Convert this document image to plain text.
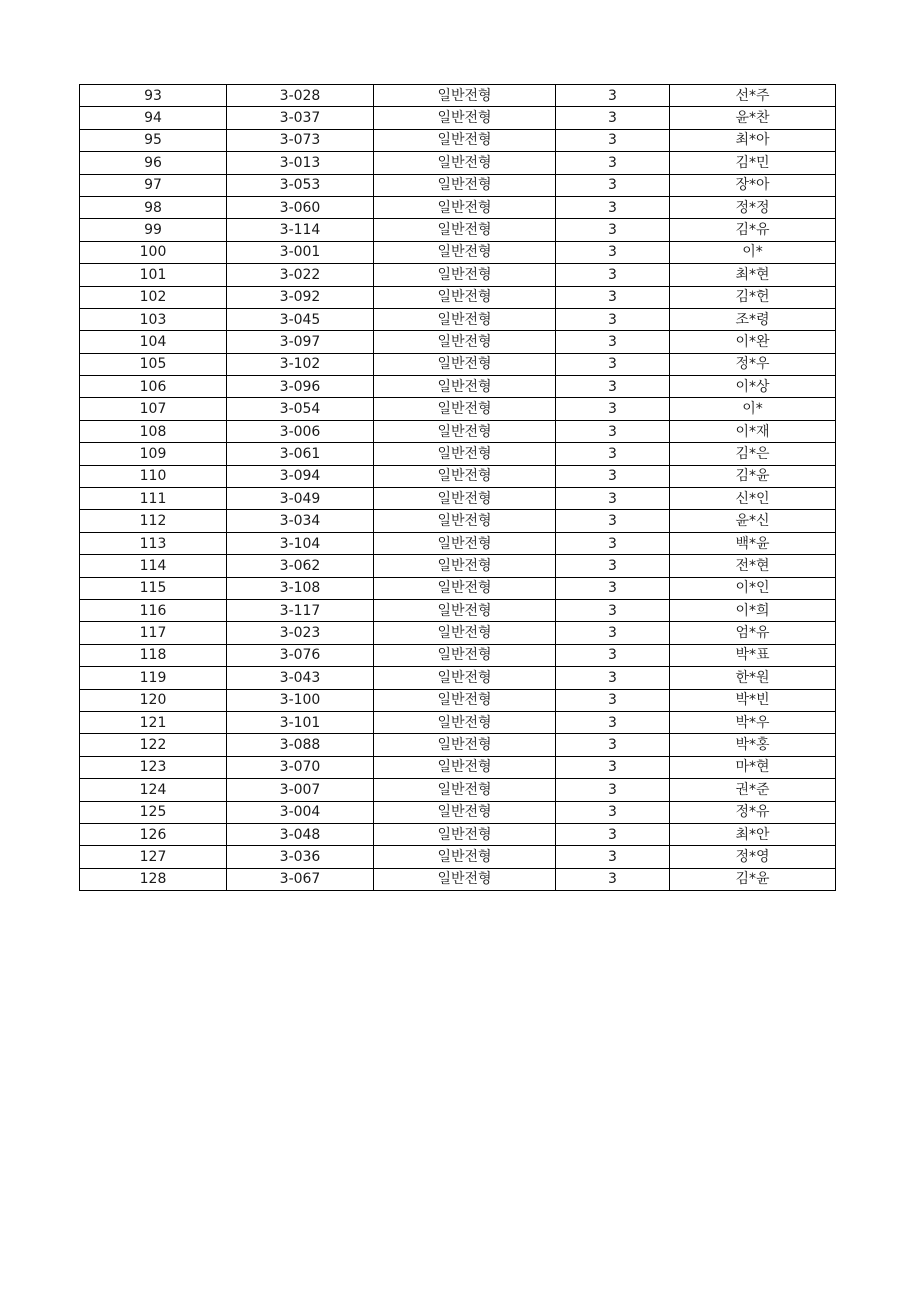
93	3-028	일반전형	3	선*주
94	3-037	일반전형	3	윤*찬
95	3-073	일반전형	3	최*아
96	3-013	일반전형	3	김*민
97	3-053	일반전형	3	장*아
98	3-060	일반전형	3	정*정
99	3-114	일반전형	3	김*유
100	3-001	일반전형	3	이*
101	3-022	일반전형	3	최*현
102	3-092	일반전형	3	김*헌
103	3-045	일반전형	3	조*령
104	3-097	일반전형	3	이*완
105	3-102	일반전형	3	정*우
106	3-096	일반전형	3	이*상
107	3-054	일반전형	3	이*
108	3-006	일반전형	3	이*재
109	3-061	일반전형	3	김*은
110	3-094	일반전형	3	김*윤
111	3-049	일반전형	3	신*인
112	3-034	일반전형	3	윤*신
113	3-104	일반전형	3	백*윤
114	3-062	일반전형	3	전*현
115	3-108	일반전형	3	이*인
116	3-117	일반전형	3	이*희
117	3-023	일반전형	3	엄*유
118	3-076	일반전형	3	박*표
119	3-043	일반전형	3	한*원
120	3-100	일반전형	3	박*빈
121	3-101	일반전형	3	박*우
122	3-088	일반전형	3	박*홍
123	3-070	일반전형	3	마*현
124	3-007	일반전형	3	권*준
125	3-004	일반전형	3	정*유
126	3-048	일반전형	3	최*안
127	3-036	일반전형	3	정*영
128	3-067	일반전형	3	김*윤
